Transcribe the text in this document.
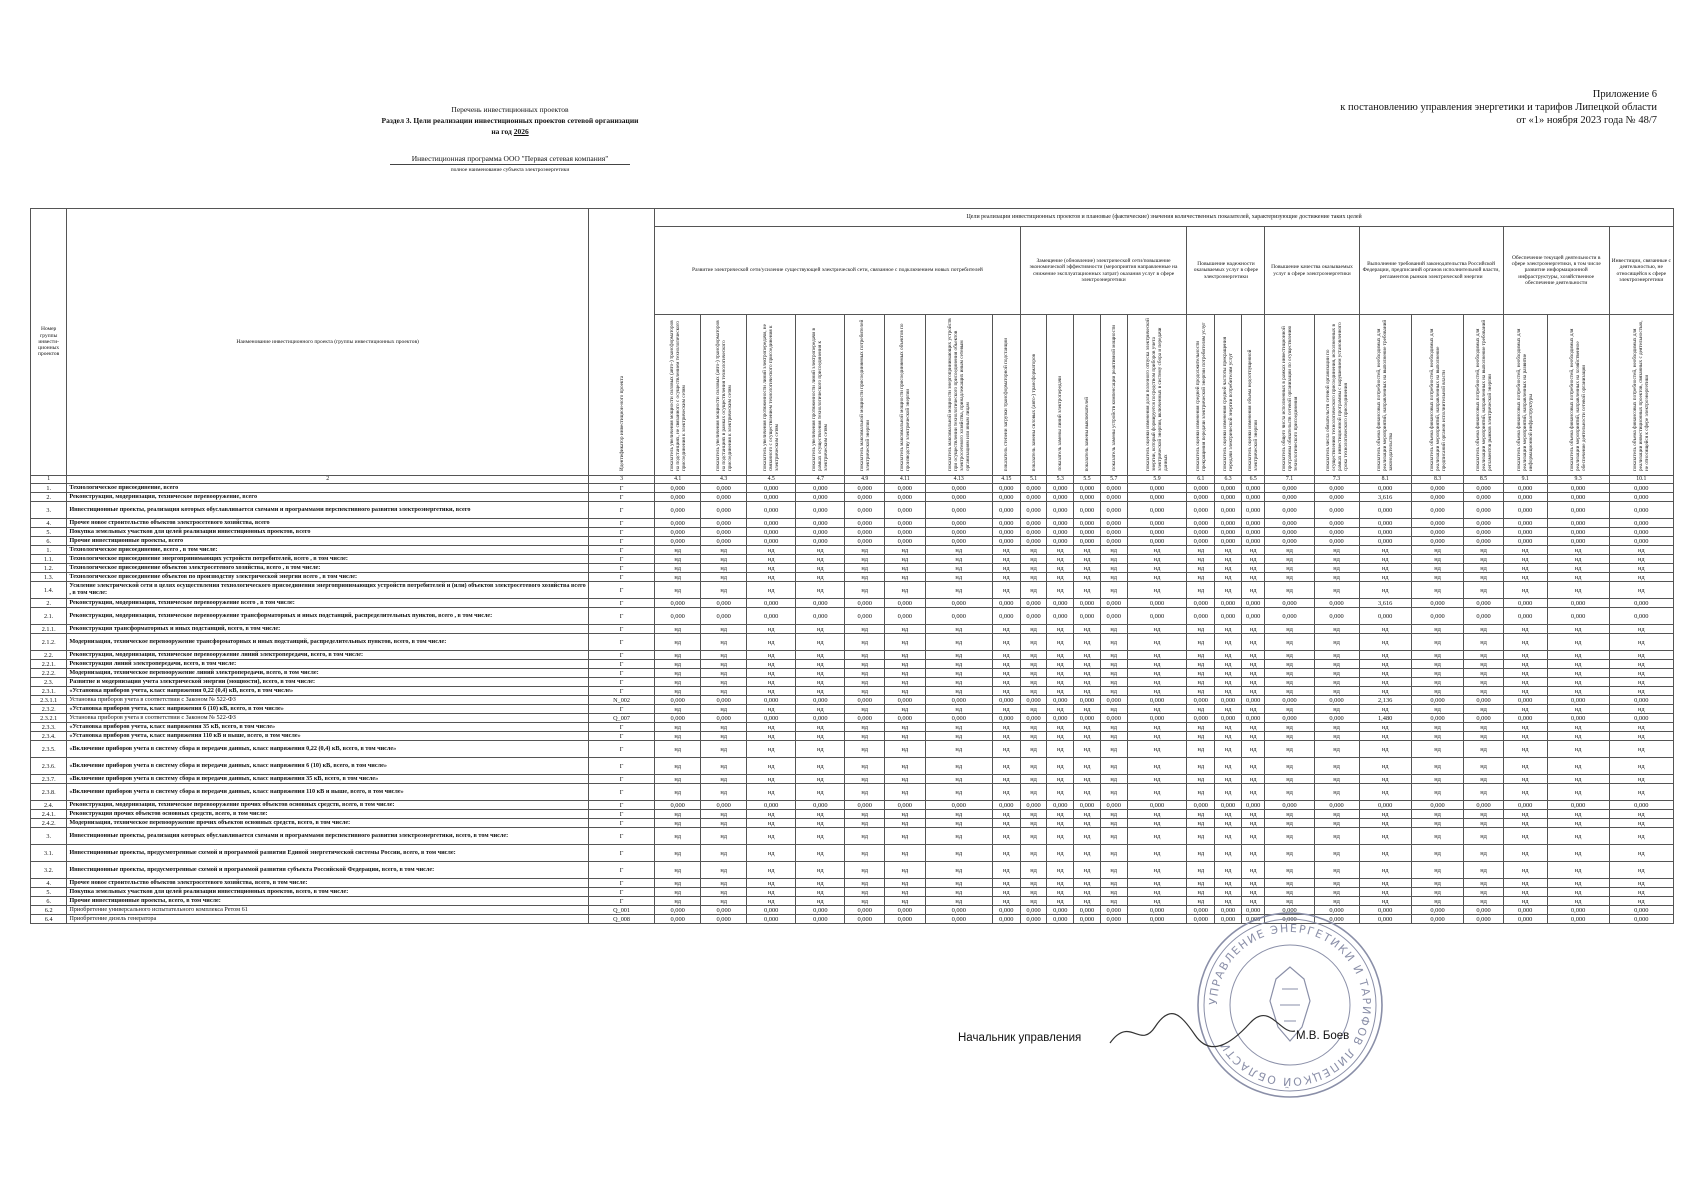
Приложение 6
к постановлению управления энергетики и тарифов Липецкой области
от «1» ноября 2023 года № 48/7
Перечень инвестиционных проектов
Раздел 3. Цели реализации инвестиционных проектов сетевой организации
на год 2026
Инвестиционная программа ООО "Первая сетевая компания"
полное наименование субъекта электроэнергетики
Номер группы инвести-ционных проектов	Наименование инвестиционного проекта (группы инвестиционных проектов)	Идентификатор инвестицион-ного проекта	Цели реализации инвестиционных проектов и плановые (фактические) значения количественных показателей, характеризующие достижение таких целей																							
			Развитие электрической сети/усиление существующей электрической сети, связанное с подключением новых потребителей								Замещение (обновление) электрической сети/повышение экономической эффективности (мероприятия направленные на снижение эксплуатационных затрат) оказания услуг в сфере электроэнергетики					Повышение надежности оказываемых услуг в сфере электроэнергетики			Повышение качества оказываемых услуг в сфере электроэнергетики		Выполнение требований законодательства Российской Федерации, предписаний органов исполнительной власти, регламентов рынков электрической энергии			Обеспечение текущей деятельности в сфере электроэнергетики, в том числе развитие информационной инфраструктуры, хозяйственное обеспечение деятельности		Инвестиции, связанные с деятельностью, не относящейся к сфере электроэнергетики
			показатель увеличения мощности силовых (авто-) трансформаторов на подстанциях, не связанного с осуществлением технологического присоединения к электрическим сетям	показатель увеличения мощности силовых (авто-) трансформаторов на подстанциях в рамках осуществления технологического присоединения к электрическим сетям	показатель увеличения протяженности линий электропередачи, не связанного с осуществлением технологического присоединения к электрическим сетям	показатель увеличения протяженности линий электропередачи в рамках осуществления технологического присоединения к электрическим сетям	показатель максимальной мощности присоединяемых потребителей электрической энергии	показатель максимальной мощности присоединяемых объектов по производству электрической энергии	показатель максимальной мощности энергопринимающих устройств при осуществлении технологического присоединения объектов электросетевого хозяйства, принадлежащих иным сетевым организациям или иным лицам	показатель степени загрузки трансформаторной подстанции	показатель замены силовых (авто-) трансформаторов	показатель замены линий электропередачи	показатель замены выключателей	показатель замены устройств компенсации реактивной мощности	показатель оценки изменения доли полезного отпуска электрической энергии, который формируется посредством приборов учета электрической энергии, включенных в систему сбора и передачи данных	показатель оценки изменения средней продолжительности прекращения передачи электрической энергии потребителям услуг	показатель оценки изменения средней частоты прекращения передачи электрической энергии потребителям услуг	показатель оценки изменения объема недоотпущенной электрической энергии	показатель общего числа исполненных в рамках инвестиционной программы обязательств сетевой организации по осуществлению технологического присоединения	показатель числа обязательств сетевой организации по осуществлению технологического присоединения, исполненных в рамках инвестиционной программы с нарушением установленного срока технологического присоединения	показатель объема финансовых потребностей, необходимых для реализации мероприятий, направленных на выполнение требований законодательства	показатель объема финансовых потребностей, необходимых для реализации мероприятий, направленных на выполнение предписаний органов исполнительной власти	показатель объема финансовых потребностей, необходимых для реализации мероприятий, направленных на выполнение требований регламентов рынков электрической энергии	показатель объема финансовых потребностей, необходимых для реализации мероприятий, направленных на развитие информационной инфраструктуры	показатель объема финансовых потребностей, необходимых для реализации мероприятий, направленных на хозяйственное обеспечение деятельности сетевой организации	показатель объема финансовых потребностей, необходимых для реализации инвестиционных проектов, связанных с деятельностью, не относящейся к сфере электроэнергетики

1	2	3	4.1	4.3	4.5	4.7	4.9	4.11	4.13	4.15	5.1	5.3	5.5	5.7	5.9	6.1	6.3	6.5	7.1	7.3	8.1	8.3	8.5	9.1	9.3	10.1
1.	Технологическое присоединение, всего	Г	0,000	0,000	0,000	0,000	0,000	0,000	0,000	0,000	0,000	0,000	0,000	0,000	0,000	0,000	0,000	0,000	0,000	0,000	0,000	0,000	0,000	0,000	0,000	0,000
2.	Реконструкция, модернизация, техническое перевооружение, всего	Г	0,000	0,000	0,000	0,000	0,000	0,000	0,000	0,000	0,000	0,000	0,000	0,000	0,000	0,000	0,000	0,000	0,000	0,000	3,616	0,000	0,000	0,000	0,000	0,000
3.	Инвестиционные проекты, реализация которых обуславливается схемами и программами перспективного развития электроэнергетики, всего	Г	0,000	0,000	0,000	0,000	0,000	0,000	0,000	0,000	0,000	0,000	0,000	0,000	0,000	0,000	0,000	0,000	0,000	0,000	0,000	0,000	0,000	0,000	0,000	0,000
4.	Прочее новое строительство объектов электросетевого хозяйства, всего	Г	0,000	0,000	0,000	0,000	0,000	0,000	0,000	0,000	0,000	0,000	0,000	0,000	0,000	0,000	0,000	0,000	0,000	0,000	0,000	0,000	0,000	0,000	0,000	0,000
5.	Покупка земельных участков для целей реализации инвестиционных проектов, всего	Г	0,000	0,000	0,000	0,000	0,000	0,000	0,000	0,000	0,000	0,000	0,000	0,000	0,000	0,000	0,000	0,000	0,000	0,000	0,000	0,000	0,000	0,000	0,000	0,000
6.	Прочие инвестиционные проекты, всего	Г	0,000	0,000	0,000	0,000	0,000	0,000	0,000	0,000	0,000	0,000	0,000	0,000	0,000	0,000	0,000	0,000	0,000	0,000	0,000	0,000	0,000	0,000	0,000	0,000
1.	Технологическое присоединение, всего , в том числе:	Г	нд	нд	нд	нд	нд	нд	нд	нд	нд	нд	нд	нд	нд	нд	нд	нд	нд	нд	нд	нд	нд	нд	нд	нд
1.1.	Технологическое присоединение энергопринимающих устройств потребителей, всего , в том числе:	Г	нд	нд	нд	нд	нд	нд	нд	нд	нд	нд	нд	нд	нд	нд	нд	нд	нд	нд	нд	нд	нд	нд	нд	нд
1.2.	Технологическое присоединение объектов электросетевого хозяйства, всего , в том числе:	Г	нд	нд	нд	нд	нд	нд	нд	нд	нд	нд	нд	нд	нд	нд	нд	нд	нд	нд	нд	нд	нд	нд	нд	нд
1.3.	Технологическое присоединение объектов по производству электрической энергии всего , в том числе:	Г	нд	нд	нд	нд	нд	нд	нд	нд	нд	нд	нд	нд	нд	нд	нд	нд	нд	нд	нд	нд	нд	нд	нд	нд
1.4.	Усиление электрической сети в целях осуществления технологического присоединения энергопринимающих устройств потребителей и (или) объектов электросетевого хозяйства всего , в том числе:	Г	нд	нд	нд	нд	нд	нд	нд	нд	нд	нд	нд	нд	нд	нд	нд	нд	нд	нд	нд	нд	нд	нд	нд	нд
2.	Реконструкция, модернизация, техническое перевооружение всего , в том числе:	Г	0,000	0,000	0,000	0,000	0,000	0,000	0,000	0,000	0,000	0,000	0,000	0,000	0,000	0,000	0,000	0,000	0,000	0,000	3,616	0,000	0,000	0,000	0,000	0,000
2.1.	Реконструкция, модернизация, техническое перевооружение трансформаторных и иных подстанций, распределительных пунктов, всего , в том числе:	Г	0,000	0,000	0,000	0,000	0,000	0,000	0,000	0,000	0,000	0,000	0,000	0,000	0,000	0,000	0,000	0,000	0,000	0,000	0,000	0,000	0,000	0,000	0,000	0,000
2.1.1.	Реконструкция трансформаторных и иных подстанций, всего, в том числе:	Г	нд	нд	нд	нд	нд	нд	нд	нд	нд	нд	нд	нд	нд	нд	нд	нд	нд	нд	нд	нд	нд	нд	нд	нд
2.1.2.	Модернизация, техническое перевооружение трансформаторных и иных подстанций, распределительных пунктов, всего, в том числе:	Г	нд	нд	нд	нд	нд	нд	нд	нд	нд	нд	нд	нд	нд	нд	нд	нд	нд	нд	нд	нд	нд	нд	нд	нд
2.2.	Реконструкция, модернизация, техническое перевооружение линий электропередачи, всего, в том числе:	Г	нд	нд	нд	нд	нд	нд	нд	нд	нд	нд	нд	нд	нд	нд	нд	нд	нд	нд	нд	нд	нд	нд	нд	нд
2.2.1.	Реконструкция линий электропередачи, всего, в том числе:	Г	нд	нд	нд	нд	нд	нд	нд	нд	нд	нд	нд	нд	нд	нд	нд	нд	нд	нд	нд	нд	нд	нд	нд	нд
2.2.2.	Модернизация, техническое перевооружение линий электропередачи, всего, в том числе:	Г	нд	нд	нд	нд	нд	нд	нд	нд	нд	нд	нд	нд	нд	нд	нд	нд	нд	нд	нд	нд	нд	нд	нд	нд
2.3.	Развитие и модернизация учета электрической энергии (мощности), всего, в том числе:	Г	нд	нд	нд	нд	нд	нд	нд	нд	нд	нд	нд	нд	нд	нд	нд	нд	нд	нд	нд	нд	нд	нд	нд	нд
2.3.1.	«Установка приборов учета, класс напряжения 0,22 (0,4) кВ, всего, в том числе»	Г	нд	нд	нд	нд	нд	нд	нд	нд	нд	нд	нд	нд	нд	нд	нд	нд	нд	нд	нд	нд	нд	нд	нд	нд
2.3.1.1	Установка приборов учета в соответствии с Законом № 522-ФЗ	N_002	0,000	0,000	0,000	0,000	0,000	0,000	0,000	0,000	0,000	0,000	0,000	0,000	0,000	0,000	0,000	0,000	0,000	0,000	2,136	0,000	0,000	0,000	0,000	0,000
2.3.2.	«Установка приборов учета, класс напряжения 6 (10) кВ, всего, в том числе»	Г	нд	нд	нд	нд	нд	нд	нд	нд	нд	нд	нд	нд	нд	нд	нд	нд	нд	нд	нд	нд	нд	нд	нд	нд
2.3.2.1	Установка приборов учета в соответствии с Законом № 522-ФЗ	Q_007	0,000	0,000	0,000	0,000	0,000	0,000	0,000	0,000	0,000	0,000	0,000	0,000	0,000	0,000	0,000	0,000	0,000	0,000	1,480	0,000	0,000	0,000	0,000	0,000
2.3.3.	«Установка приборов учета, класс напряжения 35 кВ, всего, в том числе»	Г	нд	нд	нд	нд	нд	нд	нд	нд	нд	нд	нд	нд	нд	нд	нд	нд	нд	нд	нд	нд	нд	нд	нд	нд
2.3.4.	«Установка приборов учета, класс напряжения 110 кВ и выше, всего, в том числе»	Г	нд	нд	нд	нд	нд	нд	нд	нд	нд	нд	нд	нд	нд	нд	нд	нд	нд	нд	нд	нд	нд	нд	нд	нд
2.3.5.	«Включение приборов учета в систему сбора и передачи данных, класс напряжения 0,22 (0,4) кВ, всего, в том числе»	Г	нд	нд	нд	нд	нд	нд	нд	нд	нд	нд	нд	нд	нд	нд	нд	нд	нд	нд	нд	нд	нд	нд	нд	нд
2.3.6.	«Включение приборов учета в систему сбора и передачи данных, класс напряжения 6 (10) кВ, всего, в том числе»	Г	нд	нд	нд	нд	нд	нд	нд	нд	нд	нд	нд	нд	нд	нд	нд	нд	нд	нд	нд	нд	нд	нд	нд	нд
2.3.7.	«Включение приборов учета в систему сбора и передачи данных, класс напряжения 35 кВ, всего, в том числе»	Г	нд	нд	нд	нд	нд	нд	нд	нд	нд	нд	нд	нд	нд	нд	нд	нд	нд	нд	нд	нд	нд	нд	нд	нд
2.3.8.	«Включение приборов учета в систему сбора и передачи данных, класс напряжения 110 кВ и выше, всего, в том числе»	Г	нд	нд	нд	нд	нд	нд	нд	нд	нд	нд	нд	нд	нд	нд	нд	нд	нд	нд	нд	нд	нд	нд	нд	нд
2.4.	Реконструкция, модернизация, техническое перевооружение прочих объектов основных средств, всего, в том числе:	Г	0,000	0,000	0,000	0,000	0,000	0,000	0,000	0,000	0,000	0,000	0,000	0,000	0,000	0,000	0,000	0,000	0,000	0,000	0,000	0,000	0,000	0,000	0,000	0,000
2.4.1.	Реконструкция прочих объектов основных средств, всего, в том числе:	Г	нд	нд	нд	нд	нд	нд	нд	нд	нд	нд	нд	нд	нд	нд	нд	нд	нд	нд	нд	нд	нд	нд	нд	нд
2.4.2.	Модернизация, техническое перевооружение прочих объектов основных средств, всего, в том числе:	Г	нд	нд	нд	нд	нд	нд	нд	нд	нд	нд	нд	нд	нд	нд	нд	нд	нд	нд	нд	нд	нд	нд	нд	нд
3.	Инвестиционные проекты, реализация которых обуславливается схемами и программами перспективного развития электроэнергетики, всего, в том числе:	Г	нд	нд	нд	нд	нд	нд	нд	нд	нд	нд	нд	нд	нд	нд	нд	нд	нд	нд	нд	нд	нд	нд	нд	нд
3.1.	Инвестиционные проекты, предусмотренные схемой и программой развития Единой энергетической системы России, всего, в том числе:	Г	нд	нд	нд	нд	нд	нд	нд	нд	нд	нд	нд	нд	нд	нд	нд	нд	нд	нд	нд	нд	нд	нд	нд	нд
3.2.	Инвестиционные проекты, предусмотренные схемой и программой развития субъекта Российской Федерации, всего, в том числе:	Г	нд	нд	нд	нд	нд	нд	нд	нд	нд	нд	нд	нд	нд	нд	нд	нд	нд	нд	нд	нд	нд	нд	нд	нд
4.	Прочее новое строительство объектов электросетевого хозяйства, всего, в том числе:	Г	нд	нд	нд	нд	нд	нд	нд	нд	нд	нд	нд	нд	нд	нд	нд	нд	нд	нд	нд	нд	нд	нд	нд	нд
5.	Покупка земельных участков для целей реализации инвестиционных проектов, всего, в том числе:	Г	нд	нд	нд	нд	нд	нд	нд	нд	нд	нд	нд	нд	нд	нд	нд	нд	нд	нд	нд	нд	нд	нд	нд	нд
6.	Прочие инвестиционные проекты, всего, в том числе:	Г	нд	нд	нд	нд	нд	нд	нд	нд	нд	нд	нд	нд	нд	нд	нд	нд	нд	нд	нд	нд	нд	нд	нд	нд
6.2	Приобретение универсального испытательного комплекса Ретом 61	Q_001	0,000	0,000	0,000	0,000	0,000	0,000	0,000	0,000	0,000	0,000	0,000	0,000	0,000	0,000	0,000	0,000	0,000	0,000	0,000	0,000	0,000	0,000	0,000	0,000
6.4	Приобретение дизель генератора	Q_008	0,000	0,000	0,000	0,000	0,000	0,000	0,000	0,000	0,000	0,000	0,000	0,000	0,000	0,000	0,000	0,000	0,000	0,000	0,000	0,000	0,000	0,000	0,000	0,000
УПРАВЛЕНИЕ ЭНЕРГЕТИКИ И ТАРИФОВ ЛИПЕЦКОЙ ОБЛАСТИ
Начальник управления	М.В. Боев
